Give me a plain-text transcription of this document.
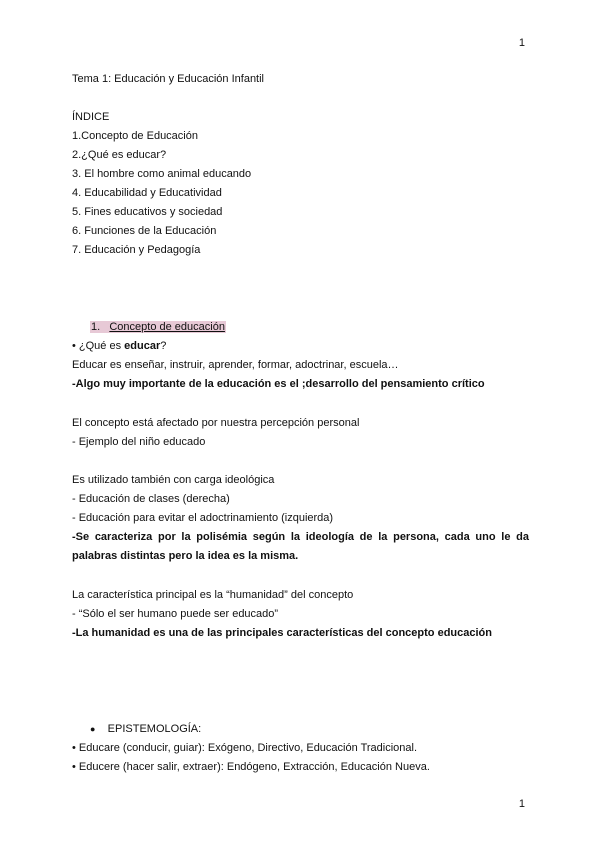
1
Tema 1: Educación y Educación Infantil
ÍNDICE
1.Concepto de Educación
2.¿Qué es educar?
3. El hombre como animal educando
4. Educabilidad y Educatividad
5. Fines educativos y sociedad
6. Funciones de la Educación
7. Educación y Pedagogía
1. Concepto de educación
• ¿Qué es educar?
Educar es enseñar, instruir, aprender, formar, adoctrinar, escuela…
-Algo muy importante de la educación es el ;desarrollo del pensamiento crítico
El concepto está afectado por nuestra percepción personal
- Ejemplo del niño educado
Es utilizado también con carga ideológica
- Educación de clases (derecha)
- Educación para evitar el adoctrinamiento (izquierda)
-Se caracteriza por la polisémia según la ideología de la persona, cada uno le da palabras distintas pero la idea es la misma.
La característica principal es la “humanidad” del concepto
- “Sólo el ser humano puede ser educado”
-La humanidad es una de las principales características del concepto educación
● EPISTEMOLOGÍA:
• Educare (conducir, guiar): Exógeno, Directivo, Educación Tradicional.
• Educere (hacer salir, extraer): Endógeno, Extracción, Educación Nueva.
1
